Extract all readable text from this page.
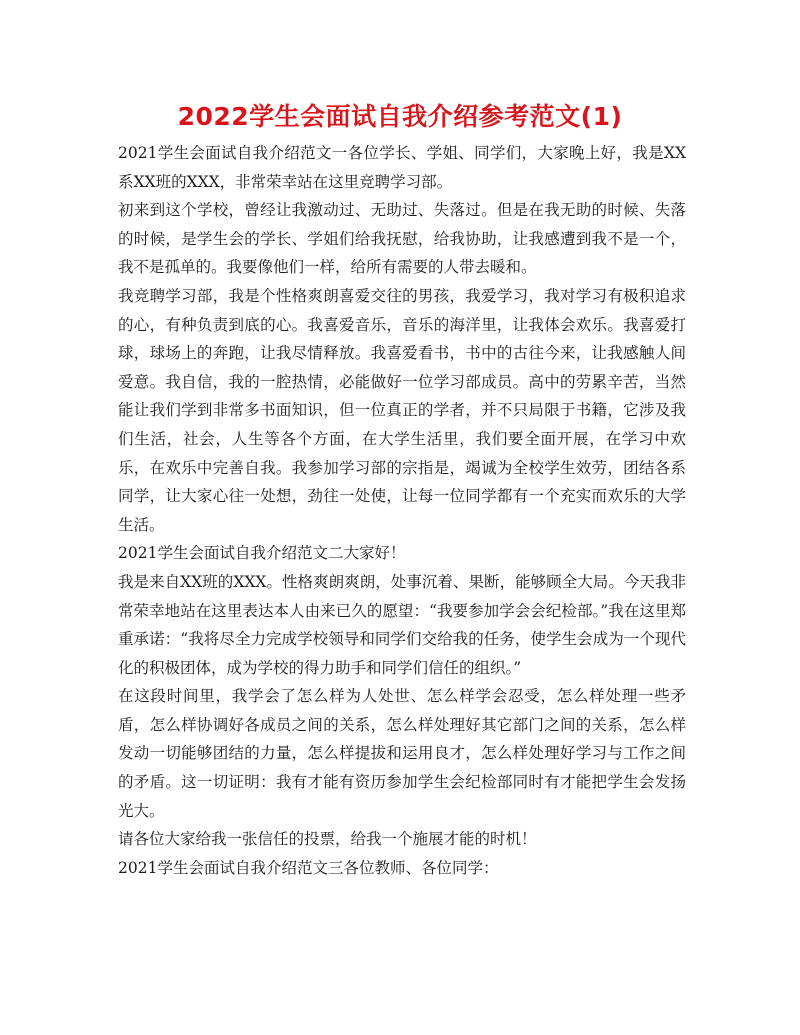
2022学生会面试自我介绍参考范文(1)

2021学生会面试自我介绍范文一各位学长、学姐、同学们，大家晚上好，我是XX系XX班的XXX，非常荣幸站在这里竞聘学习部。

初来到这个学校，曾经让我激动过、无助过、失落过。但是在我无助的时候、失落的时候，是学生会的学长、学姐们给我抚慰，给我协助，让我感遭到我不是一个，我不是孤单的。我要像他们一样，给所有需要的人带去暖和。

我竞聘学习部，我是个性格爽朗喜爱交往的男孩，我爱学习，我对学习有极积追求的心，有种负责到底的心。我喜爱音乐，音乐的海洋里，让我体会欢乐。我喜爱打球，球场上的奔跑，让我尽情释放。我喜爱看书，书中的古往今来，让我感触人间爱意。我自信，我的一腔热情，必能做好一位学习部成员。高中的劳累辛苦，当然能让我们学到非常多书面知识，但一位真正的学者，并不只局限于书籍，它涉及我们生活，社会，人生等各个方面，在大学生活里，我们要全面开展，在学习中欢乐，在欢乐中完善自我。我参加学习部的宗指是，竭诚为全校学生效劳，团结各系同学，让大家心往一处想，劲往一处使，让每一位同学都有一个充实而欢乐的大学生活。

2021学生会面试自我介绍范文二大家好！

我是来自XX班的XXX。性格爽朗爽朗，处事沉着、果断，能够顾全大局。今天我非常荣幸地站在这里表达本人由来已久的愿望：“我要参加学会会纪检部。”我在这里郑重承诺：“我将尽全力完成学校领导和同学们交给我的任务，使学生会成为一个现代化的积极团体，成为学校的得力助手和同学们信任的组织。”

在这段时间里，我学会了怎么样为人处世、怎么样学会忍受，怎么样处理一些矛盾，怎么样协调好各成员之间的关系，怎么样处理好其它部门之间的关系，怎么样发动一切能够团结的力量，怎么样提拔和运用良才，怎么样处理好学习与工作之间的矛盾。这一切证明：我有才能有资历参加学生会纪检部同时有才能把学生会发扬光大。

请各位大家给我一张信任的投票，给我一个施展才能的时机！

2021学生会面试自我介绍范文三各位教师、各位同学：
